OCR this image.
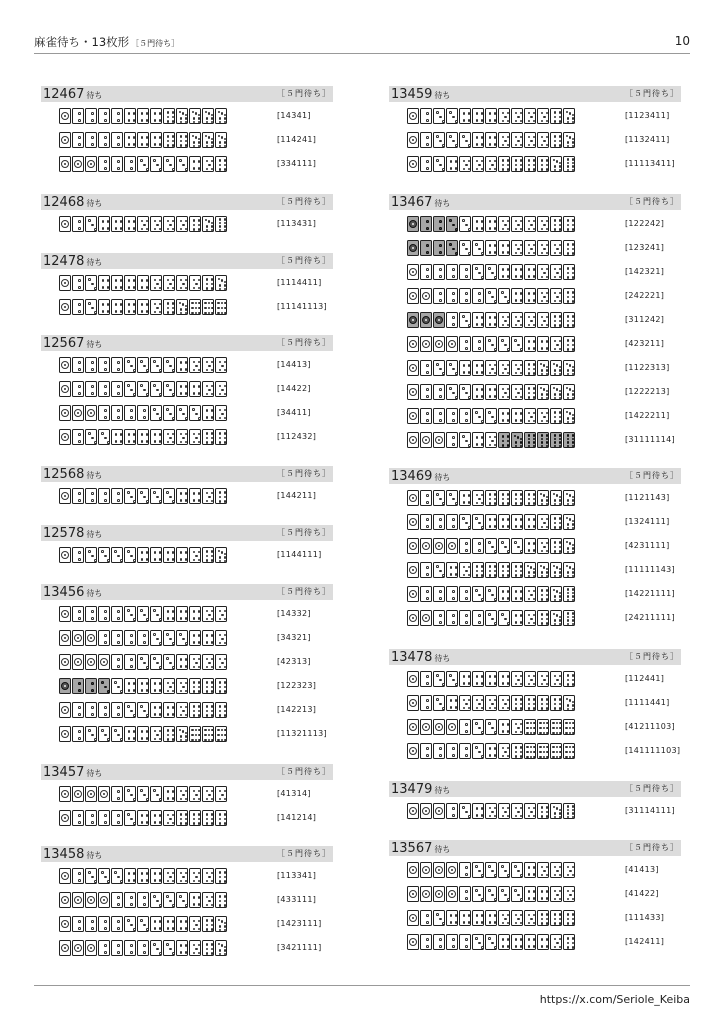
麻雀待ち・13枚形 ［５門待ち］	10
12467 待ち	［５門待ち］
[14341]
[114241]
[334111]
12468 待ち	［５門待ち］
[113431]
12478 待ち	［５門待ち］
[1114411]
[11141113]
12567 待ち	［５門待ち］
[14413]
[14422]
[34411]
[112432]
12568 待ち	［５門待ち］
[144211]
12578 待ち	［５門待ち］
[1144111]
13456 待ち	［５門待ち］
[14332]
[34321]
[42313]
[122323]
[142213]
[11321113]
13457 待ち	［５門待ち］
[41314]
[141214]
13458 待ち	［５門待ち］
[113341]
[433111]
[1423111]
[3421111]
13459 待ち	［５門待ち］
[1123411]
[1132411]
[11113411]
13467 待ち	［５門待ち］
[122242]
[123241]
[142321]
[242221]
[311242]
[423211]
[1122313]
[1222213]
[1422211]
[31111114]
13469 待ち	［５門待ち］
[1121143]
[1324111]
[4231111]
[11111143]
[14221111]
[24211111]
13478 待ち	［５門待ち］
[112441]
[1111441]
[41211103]
[141111103]
13479 待ち	［５門待ち］
[31114111]
13567 待ち	［５門待ち］
[41413]
[41422]
[111433]
[142411]
https://x.com/Seriole_Keiba
